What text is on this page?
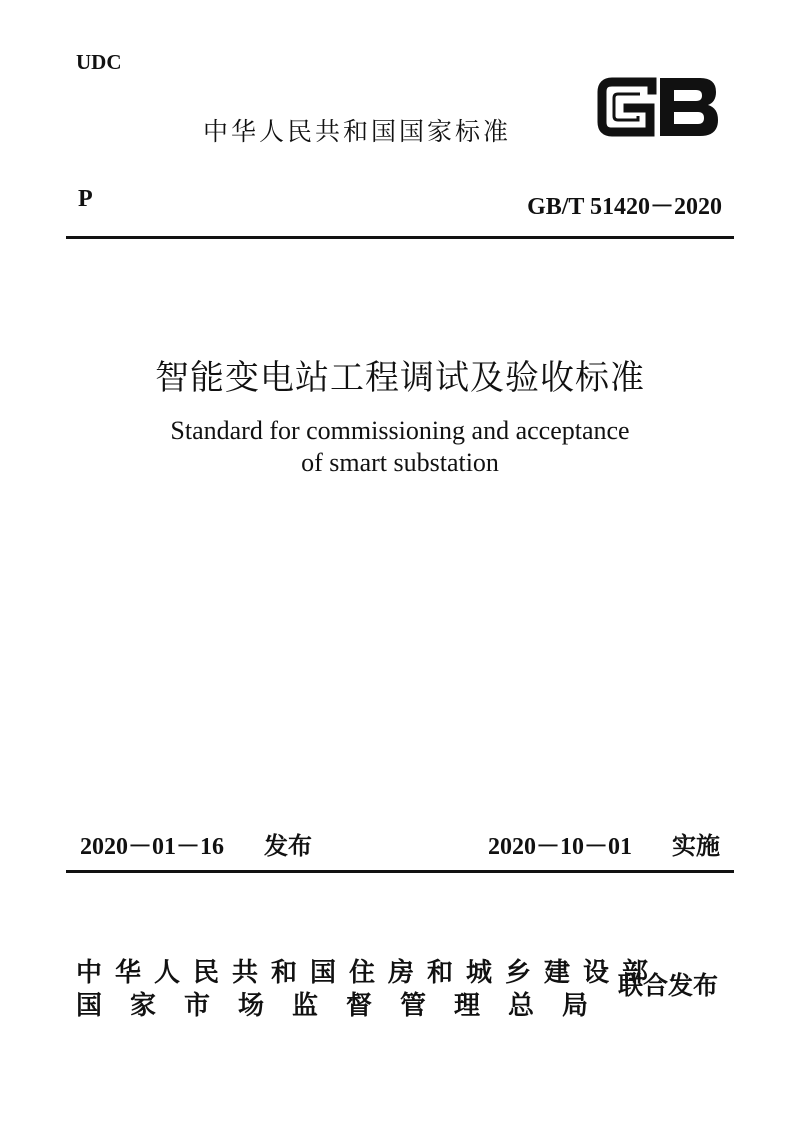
UDC
中华人民共和国国家标准
P	GB/T 51420－2020
智能变电站工程调试及验收标准
Standard for commissioning and acceptance
of smart substation
2020－01－16 发布	2020－10－01 实施
中华人民共和国住房和城乡建设部
国家市场监督管理总局
联合发布
